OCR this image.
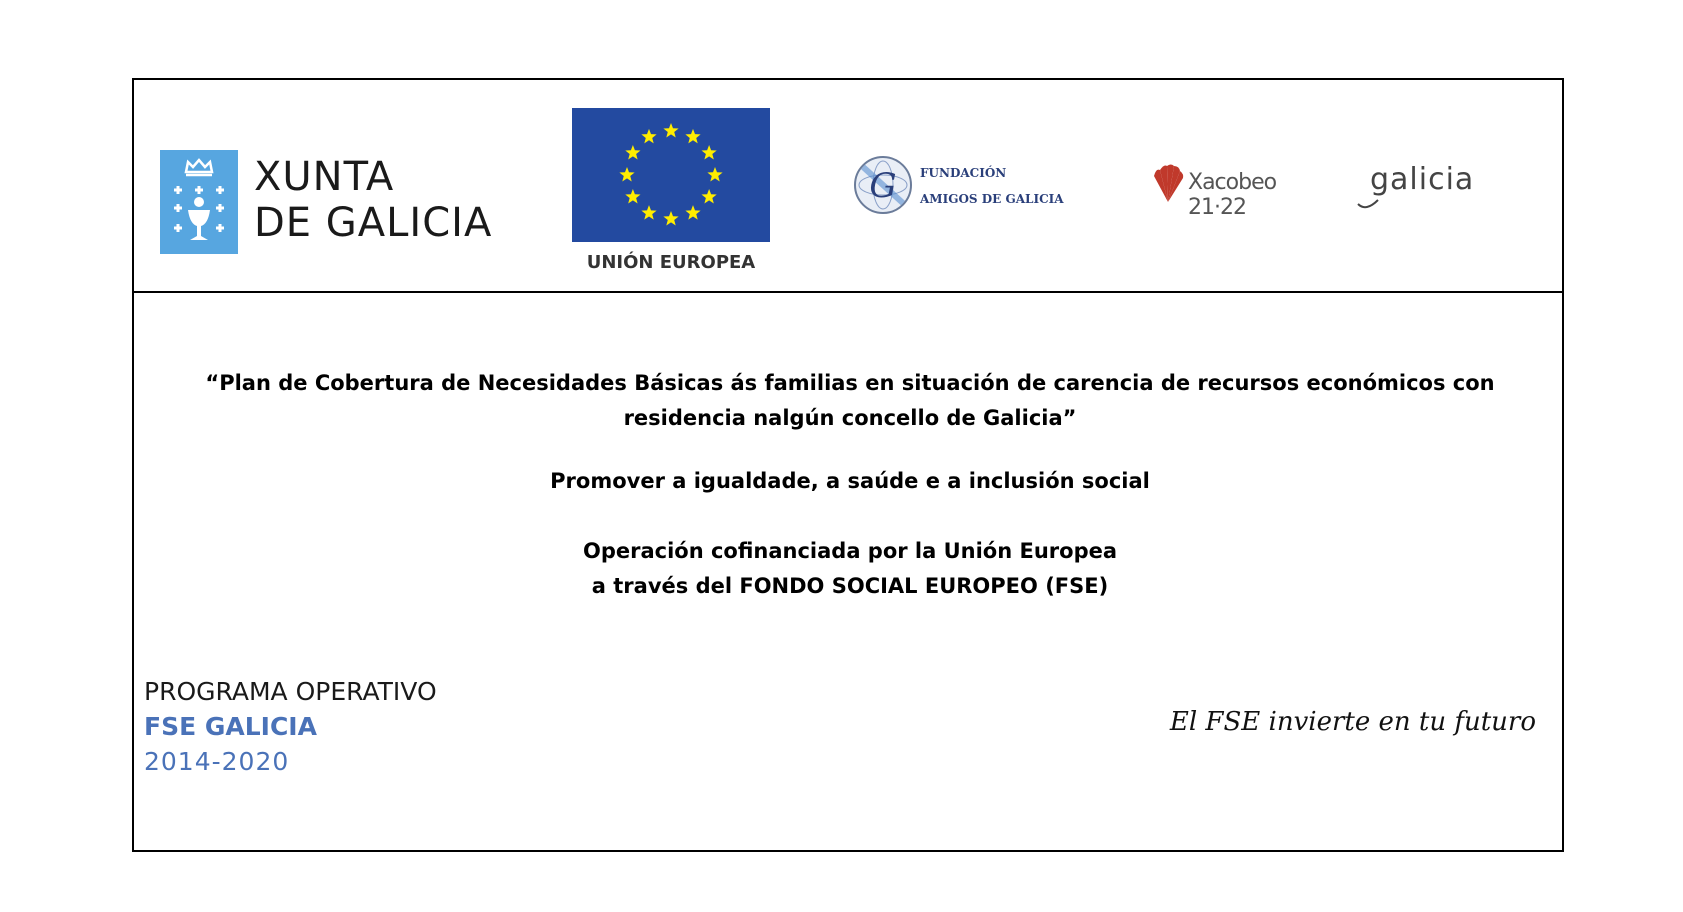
XUNTA
DE GALICIA
UNIÓN EUROPEA
G	FUNDACIÓN
AMIGOS DE GALICIA
Xacobeo 21·22
galicia
“Plan de Cobertura de Necesidades Básicas ás familias en situación de carencia de recursos económicos con residencia nalgún concello de Galicia”
Promover a igualdade, a saúde e a inclusión social
Operación cofinanciada por la Unión Europea
a través del FONDO SOCIAL EUROPEO (FSE)
PROGRAMA OPERATIVO
FSE GALICIA
2014-2020
El FSE invierte en tu futuro
